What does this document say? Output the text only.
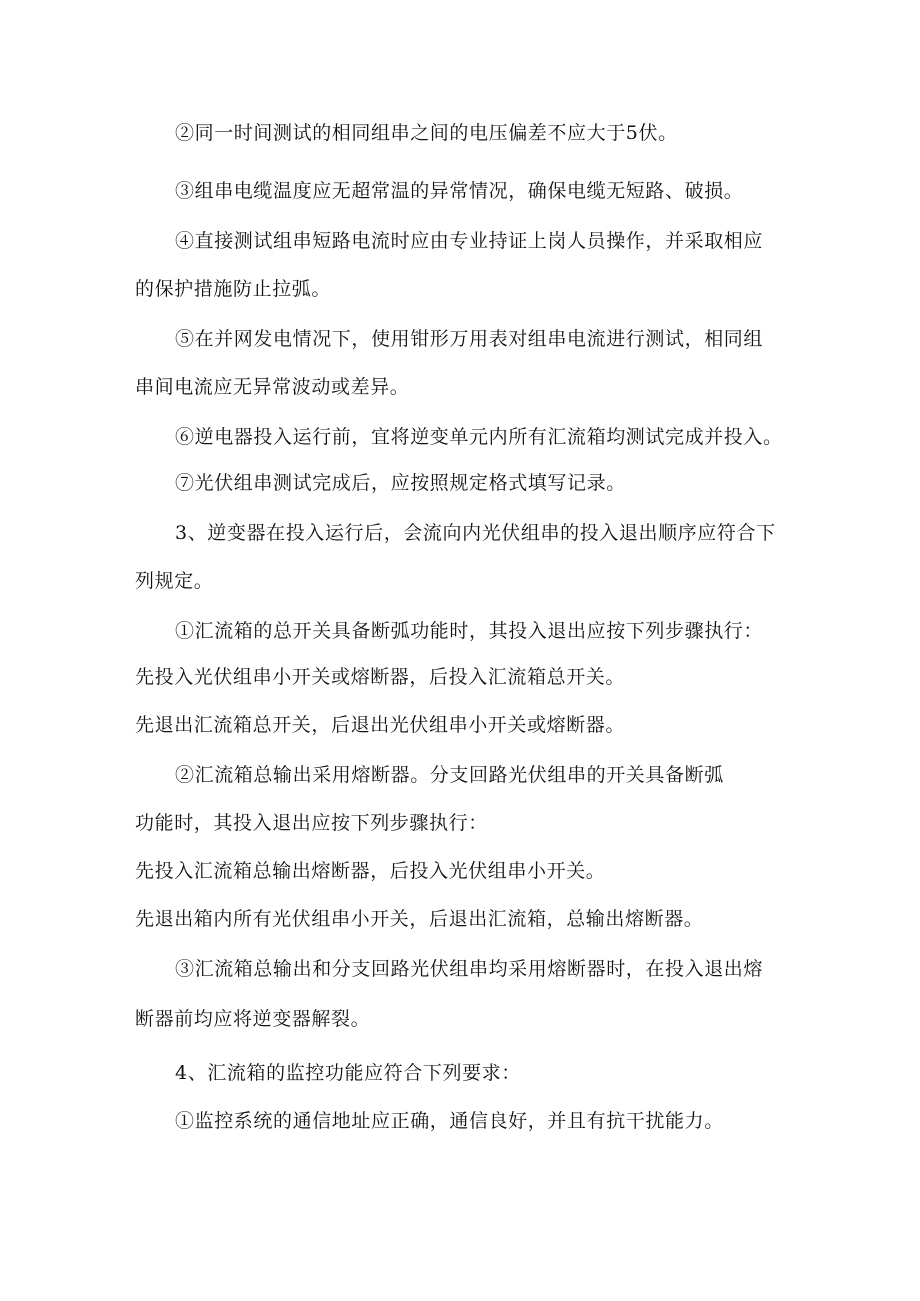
②同一时间测试的相同组串之间的电压偏差不应大于5伏。
③组串电缆温度应无超常温的异常情况，确保电缆无短路、破损。
④直接测试组串短路电流时应由专业持证上岗人员操作，并采取相应
的保护措施防止拉弧。
⑤在并网发电情况下，使用钳形万用表对组串电流进行测试，相同组
串间电流应无异常波动或差异。
⑥逆电器投入运行前，宜将逆变单元内所有汇流箱均测试完成并投入。
⑦光伏组串测试完成后，应按照规定格式填写记录。
3、逆变器在投入运行后，会流向内光伏组串的投入退出顺序应符合下
列规定。
①汇流箱的总开关具备断弧功能时，其投入退出应按下列步骤执行：
先投入光伏组串小开关或熔断器，后投入汇流箱总开关。
先退出汇流箱总开关，后退出光伏组串小开关或熔断器。
②汇流箱总输出采用熔断器。分支回路光伏组串的开关具备断弧
功能时，其投入退出应按下列步骤执行：
先投入汇流箱总输出熔断器，后投入光伏组串小开关。
先退出箱内所有光伏组串小开关，后退出汇流箱，总输出熔断器。
③汇流箱总输出和分支回路光伏组串均采用熔断器时，在投入退出熔
断器前均应将逆变器解裂。
4、汇流箱的监控功能应符合下列要求：
①监控系统的通信地址应正确，通信良好，并且有抗干扰能力。
